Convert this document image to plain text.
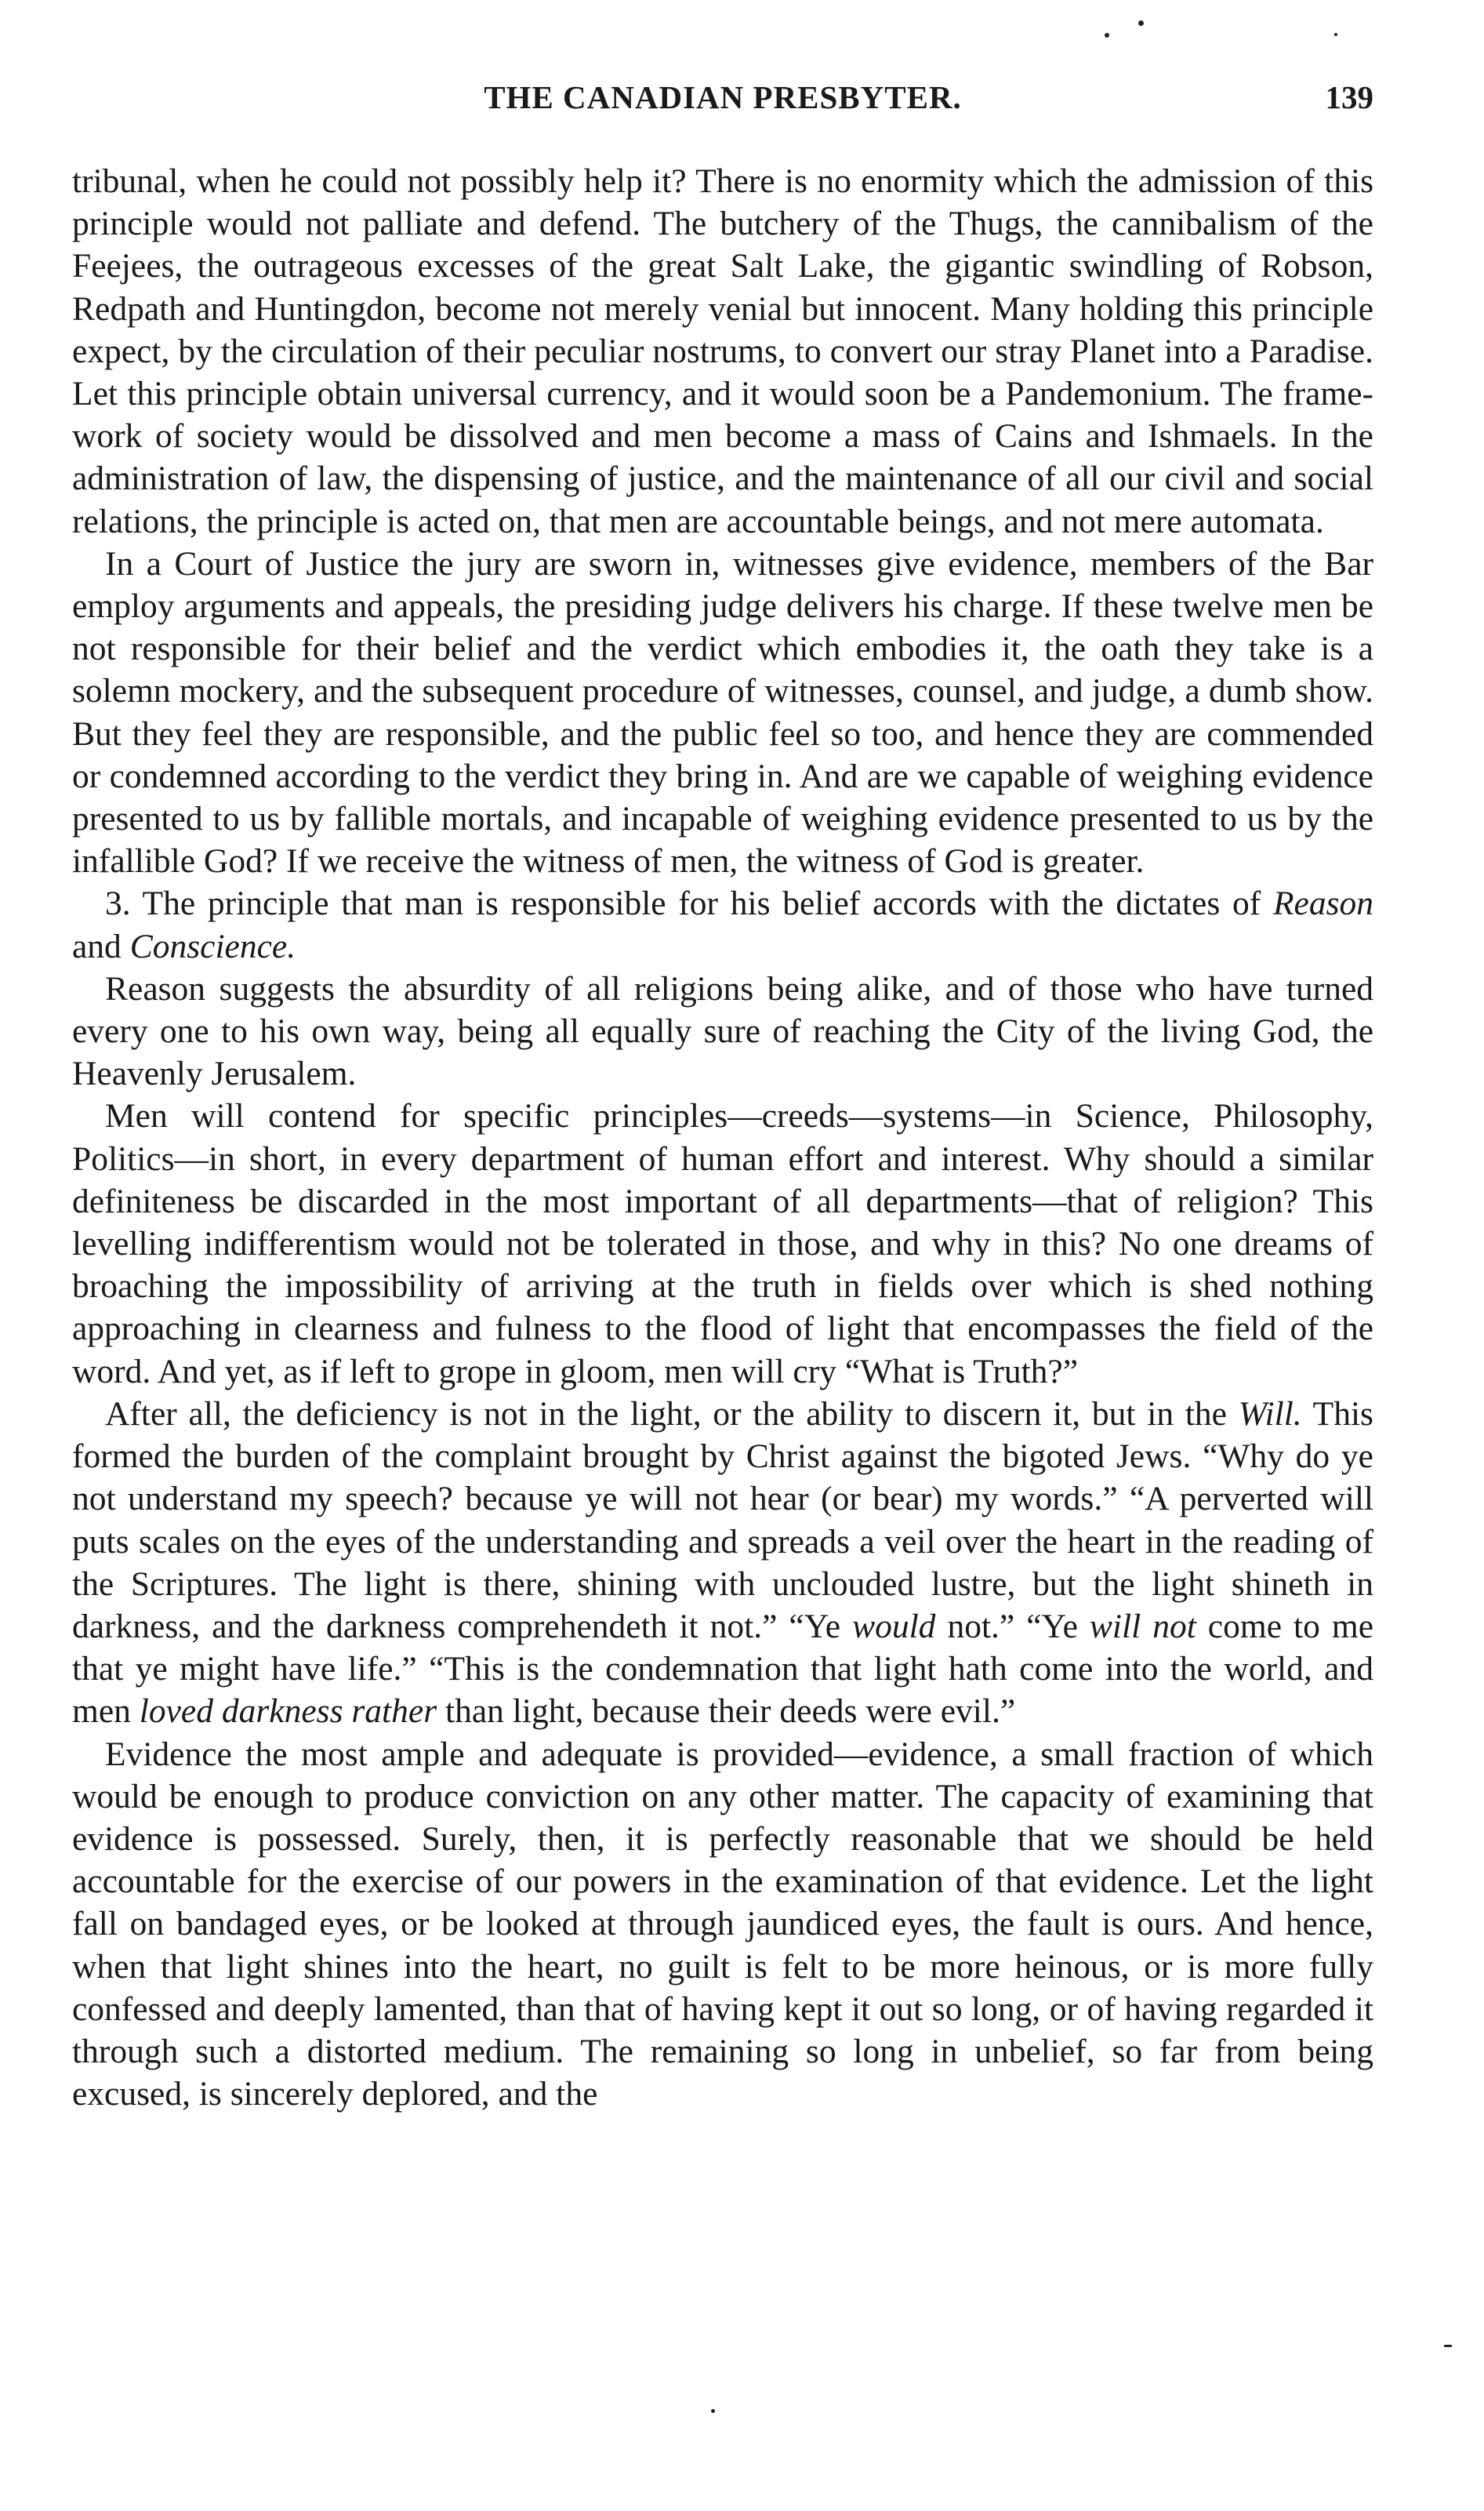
THE CANADIAN PRESBYTER.	139

tribunal, when he could not possibly help it? There is no enormity which the admission of this principle would not palliate and defend. The butchery of the Thugs, the cannibalism of the Feejees, the outrageous excesses of the great Salt Lake, the gigantic swindling of Robson, Redpath and Huntingdon, become not merely venial but innocent. Many holding this principle expect, by the circulation of their peculiar nostrums, to convert our stray Planet into a Paradise. Let this principle obtain universal currency, and it would soon be a Pandemonium. The frame-work of society would be dissolved and men become a mass of Cains and Ishmaels. In the administration of law, the dispensing of justice, and the maintenance of all our civil and social relations, the principle is acted on, that men are accountable beings, and not mere automata.

In a Court of Justice the jury are sworn in, witnesses give evidence, members of the Bar employ arguments and appeals, the presiding judge delivers his charge. If these twelve men be not responsible for their belief and the verdict which embodies it, the oath they take is a solemn mockery, and the subsequent procedure of witnesses, counsel, and judge, a dumb show. But they feel they are responsible, and the public feel so too, and hence they are commended or condemned according to the verdict they bring in. And are we capable of weighing evidence presented to us by fallible mortals, and incapable of weighing evidence presented to us by the infallible God? If we receive the witness of men, the witness of God is greater.

3. The principle that man is responsible for his belief accords with the dictates of Reason and Conscience.

Reason suggests the absurdity of all religions being alike, and of those who have turned every one to his own way, being all equally sure of reaching the City of the living God, the Heavenly Jerusalem.

Men will contend for specific principles—creeds—systems—in Science, Philosophy, Politics—in short, in every department of human effort and interest. Why should a similar definiteness be discarded in the most important of all departments—that of religion? This levelling indifferentism would not be tolerated in those, and why in this? No one dreams of broaching the impossibility of arriving at the truth in fields over which is shed nothing approaching in clearness and fulness to the flood of light that encompasses the field of the word. And yet, as if left to grope in gloom, men will cry “What is Truth?”

After all, the deficiency is not in the light, or the ability to discern it, but in the Will. This formed the burden of the complaint brought by Christ against the bigoted Jews. “Why do ye not understand my speech? because ye will not hear (or bear) my words.” “A perverted will puts scales on the eyes of the understanding and spreads a veil over the heart in the reading of the Scriptures. The light is there, shining with unclouded lustre, but the light shineth in darkness, and the darkness comprehendeth it not.” “Ye would not.” “Ye will not come to me that ye might have life.” “This is the condemnation that light hath come into the world, and men loved darkness rather than light, because their deeds were evil.”

Evidence the most ample and adequate is provided—evidence, a small fraction of which would be enough to produce conviction on any other matter. The capacity of examining that evidence is possessed. Surely, then, it is perfectly reasonable that we should be held accountable for the exercise of our powers in the examination of that evidence. Let the light fall on bandaged eyes, or be looked at through jaundiced eyes, the fault is ours. And hence, when that light shines into the heart, no guilt is felt to be more heinous, or is more fully confessed and deeply lamented, than that of having kept it out so long, or of having regarded it through such a distorted medium. The remaining so long in unbelief, so far from being excused, is sincerely deplored, and the
